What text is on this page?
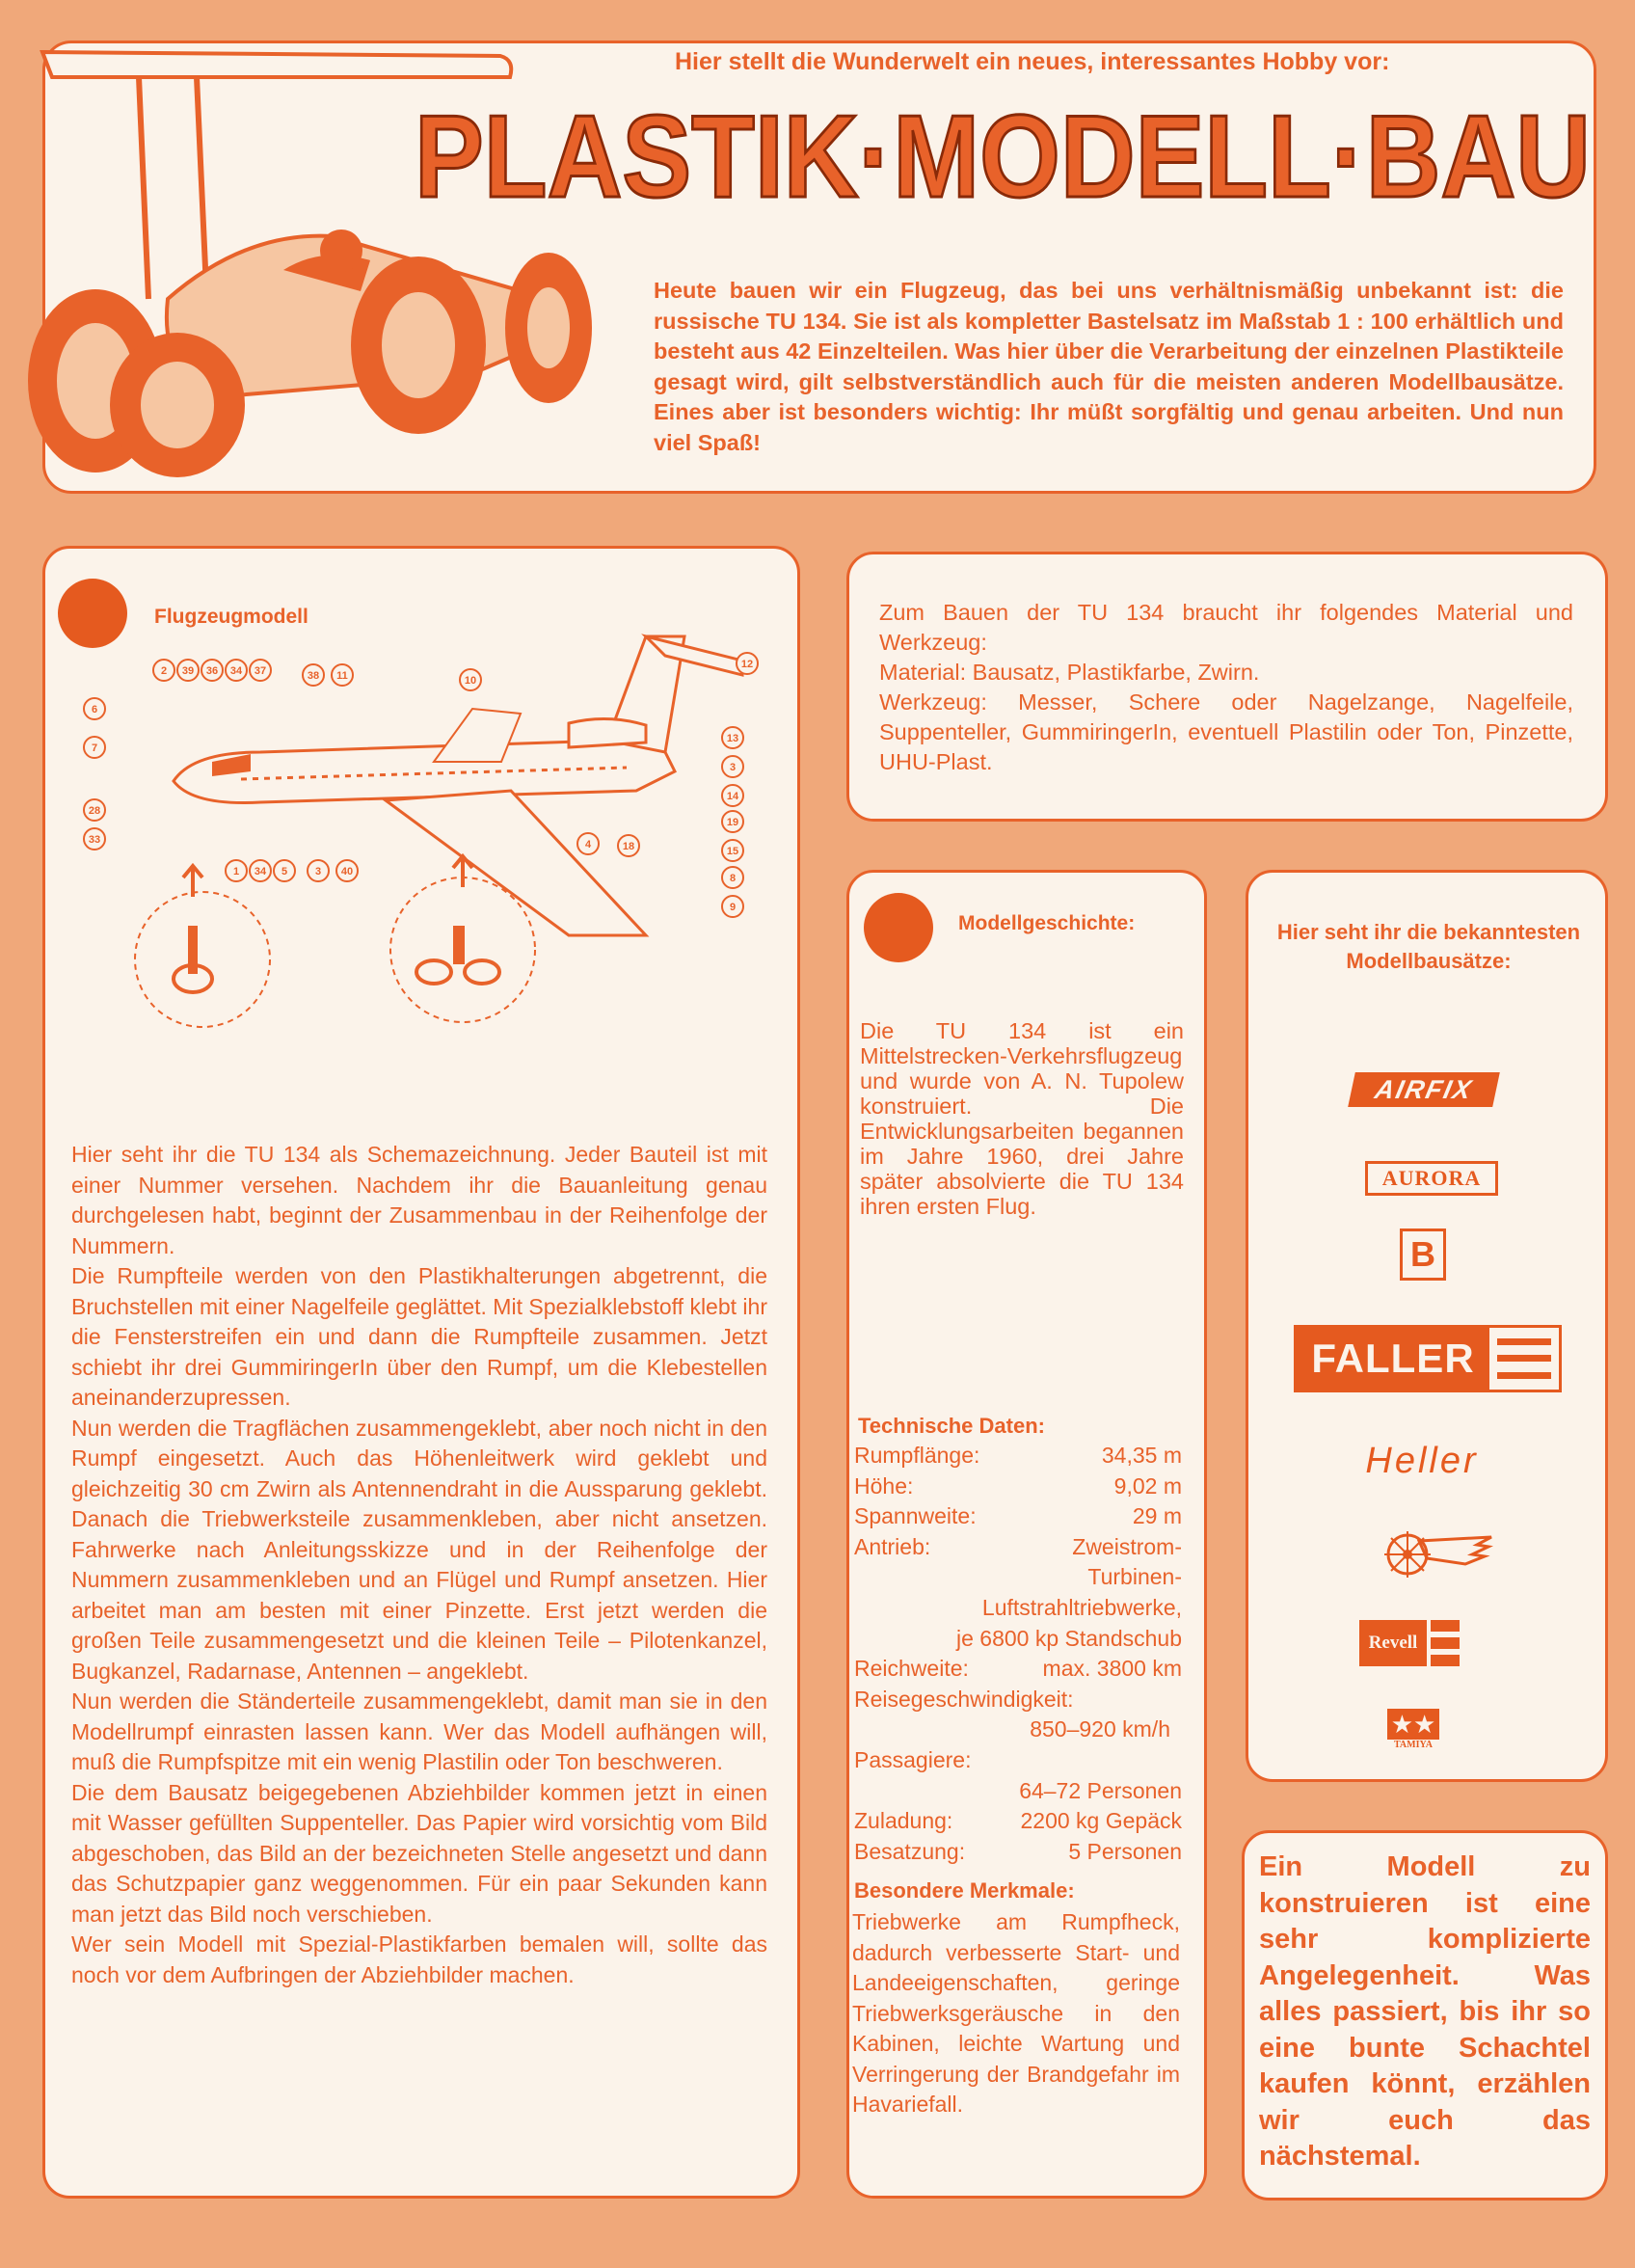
Hier stellt die Wunderwelt ein neues, interessantes Hobby vor:
PLASTIK·MODELL·BAU
Heute bauen wir ein Flugzeug, das bei uns verhältnismäßig unbekannt ist: die russische TU 134. Sie ist als kompletter Bastelsatz im Maßstab 1 : 100 erhältlich und besteht aus 42 Einzelteilen. Was hier über die Verarbeitung der einzelnen Plastikteile gesagt wird, gilt selbstverständlich auch für die meisten anderen Modellbausätze. Eines aber ist besonders wichtig: Ihr müßt sorgfältig und genau arbeiten. Und nun viel Spaß!
Flugzeugmodell
2 39 36 34 37	38 11	10
12
6
7
28
33
13
3
14
19
15
8
9
1 34 5	3 40
4	18
Hier seht ihr die TU 134 als Schemazeichnung. Jeder Bauteil ist mit einer Nummer versehen. Nachdem ihr die Bauanleitung genau durchgelesen habt, beginnt der Zusammenbau in der Reihenfolge der Nummern.
Die Rumpfteile werden von den Plastikhalterungen abgetrennt, die Bruchstellen mit einer Nagelfeile geglättet. Mit Spezialklebstoff klebt ihr die Fensterstreifen ein und dann die Rumpfteile zusammen. Jetzt schiebt ihr drei GummiringerIn über den Rumpf, um die Klebestellen aneinanderzupressen.
Nun werden die Tragflächen zusammengeklebt, aber noch nicht in den Rumpf eingesetzt. Auch das Höhenleitwerk wird geklebt und gleichzeitig 30 cm Zwirn als Antennendraht in die Aussparung geklebt. Danach die Triebwerksteile zusammenkleben, aber nicht ansetzen. Fahrwerke nach Anleitungsskizze und in der Reihenfolge der Nummern zusammenkleben und an Flügel und Rumpf ansetzen. Hier arbeitet man am besten mit einer Pinzette. Erst jetzt werden die großen Teile zusammengesetzt und die kleinen Teile – Pilotenkanzel, Bugkanzel, Radarnase, Antennen – angeklebt.
Nun werden die Ständerteile zusammengeklebt, damit man sie in den Modellrumpf einrasten lassen kann. Wer das Modell aufhängen will, muß die Rumpfspitze mit ein wenig Plastilin oder Ton beschweren.
Die dem Bausatz beigegebenen Abziehbilder kommen jetzt in einen mit Wasser gefüllten Suppenteller. Das Papier wird vorsichtig vom Bild abgeschoben, das Bild an der bezeichneten Stelle angesetzt und dann das Schutzpapier ganz weggenommen. Für ein paar Sekunden kann man jetzt das Bild noch verschieben.
Wer sein Modell mit Spezial-Plastikfarben bemalen will, sollte das noch vor dem Aufbringen der Abziehbilder machen.
Zum Bauen der TU 134 braucht ihr folgendes Material und Werkzeug:
Material: Bausatz, Plastikfarbe, Zwirn.
Werkzeug: Messer, Schere oder Nagelzange, Nagelfeile, Suppenteller, GummiringerIn, eventuell Plastilin oder Ton, Pinzette, UHU-Plast.
Modellgeschichte:
Die TU 134 ist ein Mittelstrecken-Verkehrsflugzeug und wurde von A. N. Tupolew konstruiert. Die Entwicklungsarbeiten begannen im Jahre 1960, drei Jahre später absolvierte die TU 134 ihren ersten Flug.
Technische Daten:
Rumpflänge:	34,35 m
Höhe:	9,02 m
Spannweite:	29 m
Antrieb:	Zweistrom-
Turbinen-
Luftstrahltriebwerke,
je 6800 kp Standschub
Reichweite:	max. 3800 km
Reisegeschwindigkeit:
850–920 km/h
Passagiere:
64–72 Personen
Zuladung:	2200 kg Gepäck
Besatzung:	5 Personen
Besondere Merkmale:
Triebwerke am Rumpfheck, dadurch verbesserte Start- und Landeeigenschaften, geringe Triebwerksgeräusche in den Kabinen, leichte Wartung und Verringerung der Brandgefahr im Havariefall.
Hier seht ihr die bekanntesten Modellbausätze:
AIRFIX
AURORA
B
FALLER
Heller
Revell
★★
TAMIYA
Ein Modell zu konstruieren ist eine sehr komplizierte Angelegenheit. Was alles passiert, bis ihr so eine bunte Schachtel kaufen könnt, erzählen wir euch das nächstemal.
